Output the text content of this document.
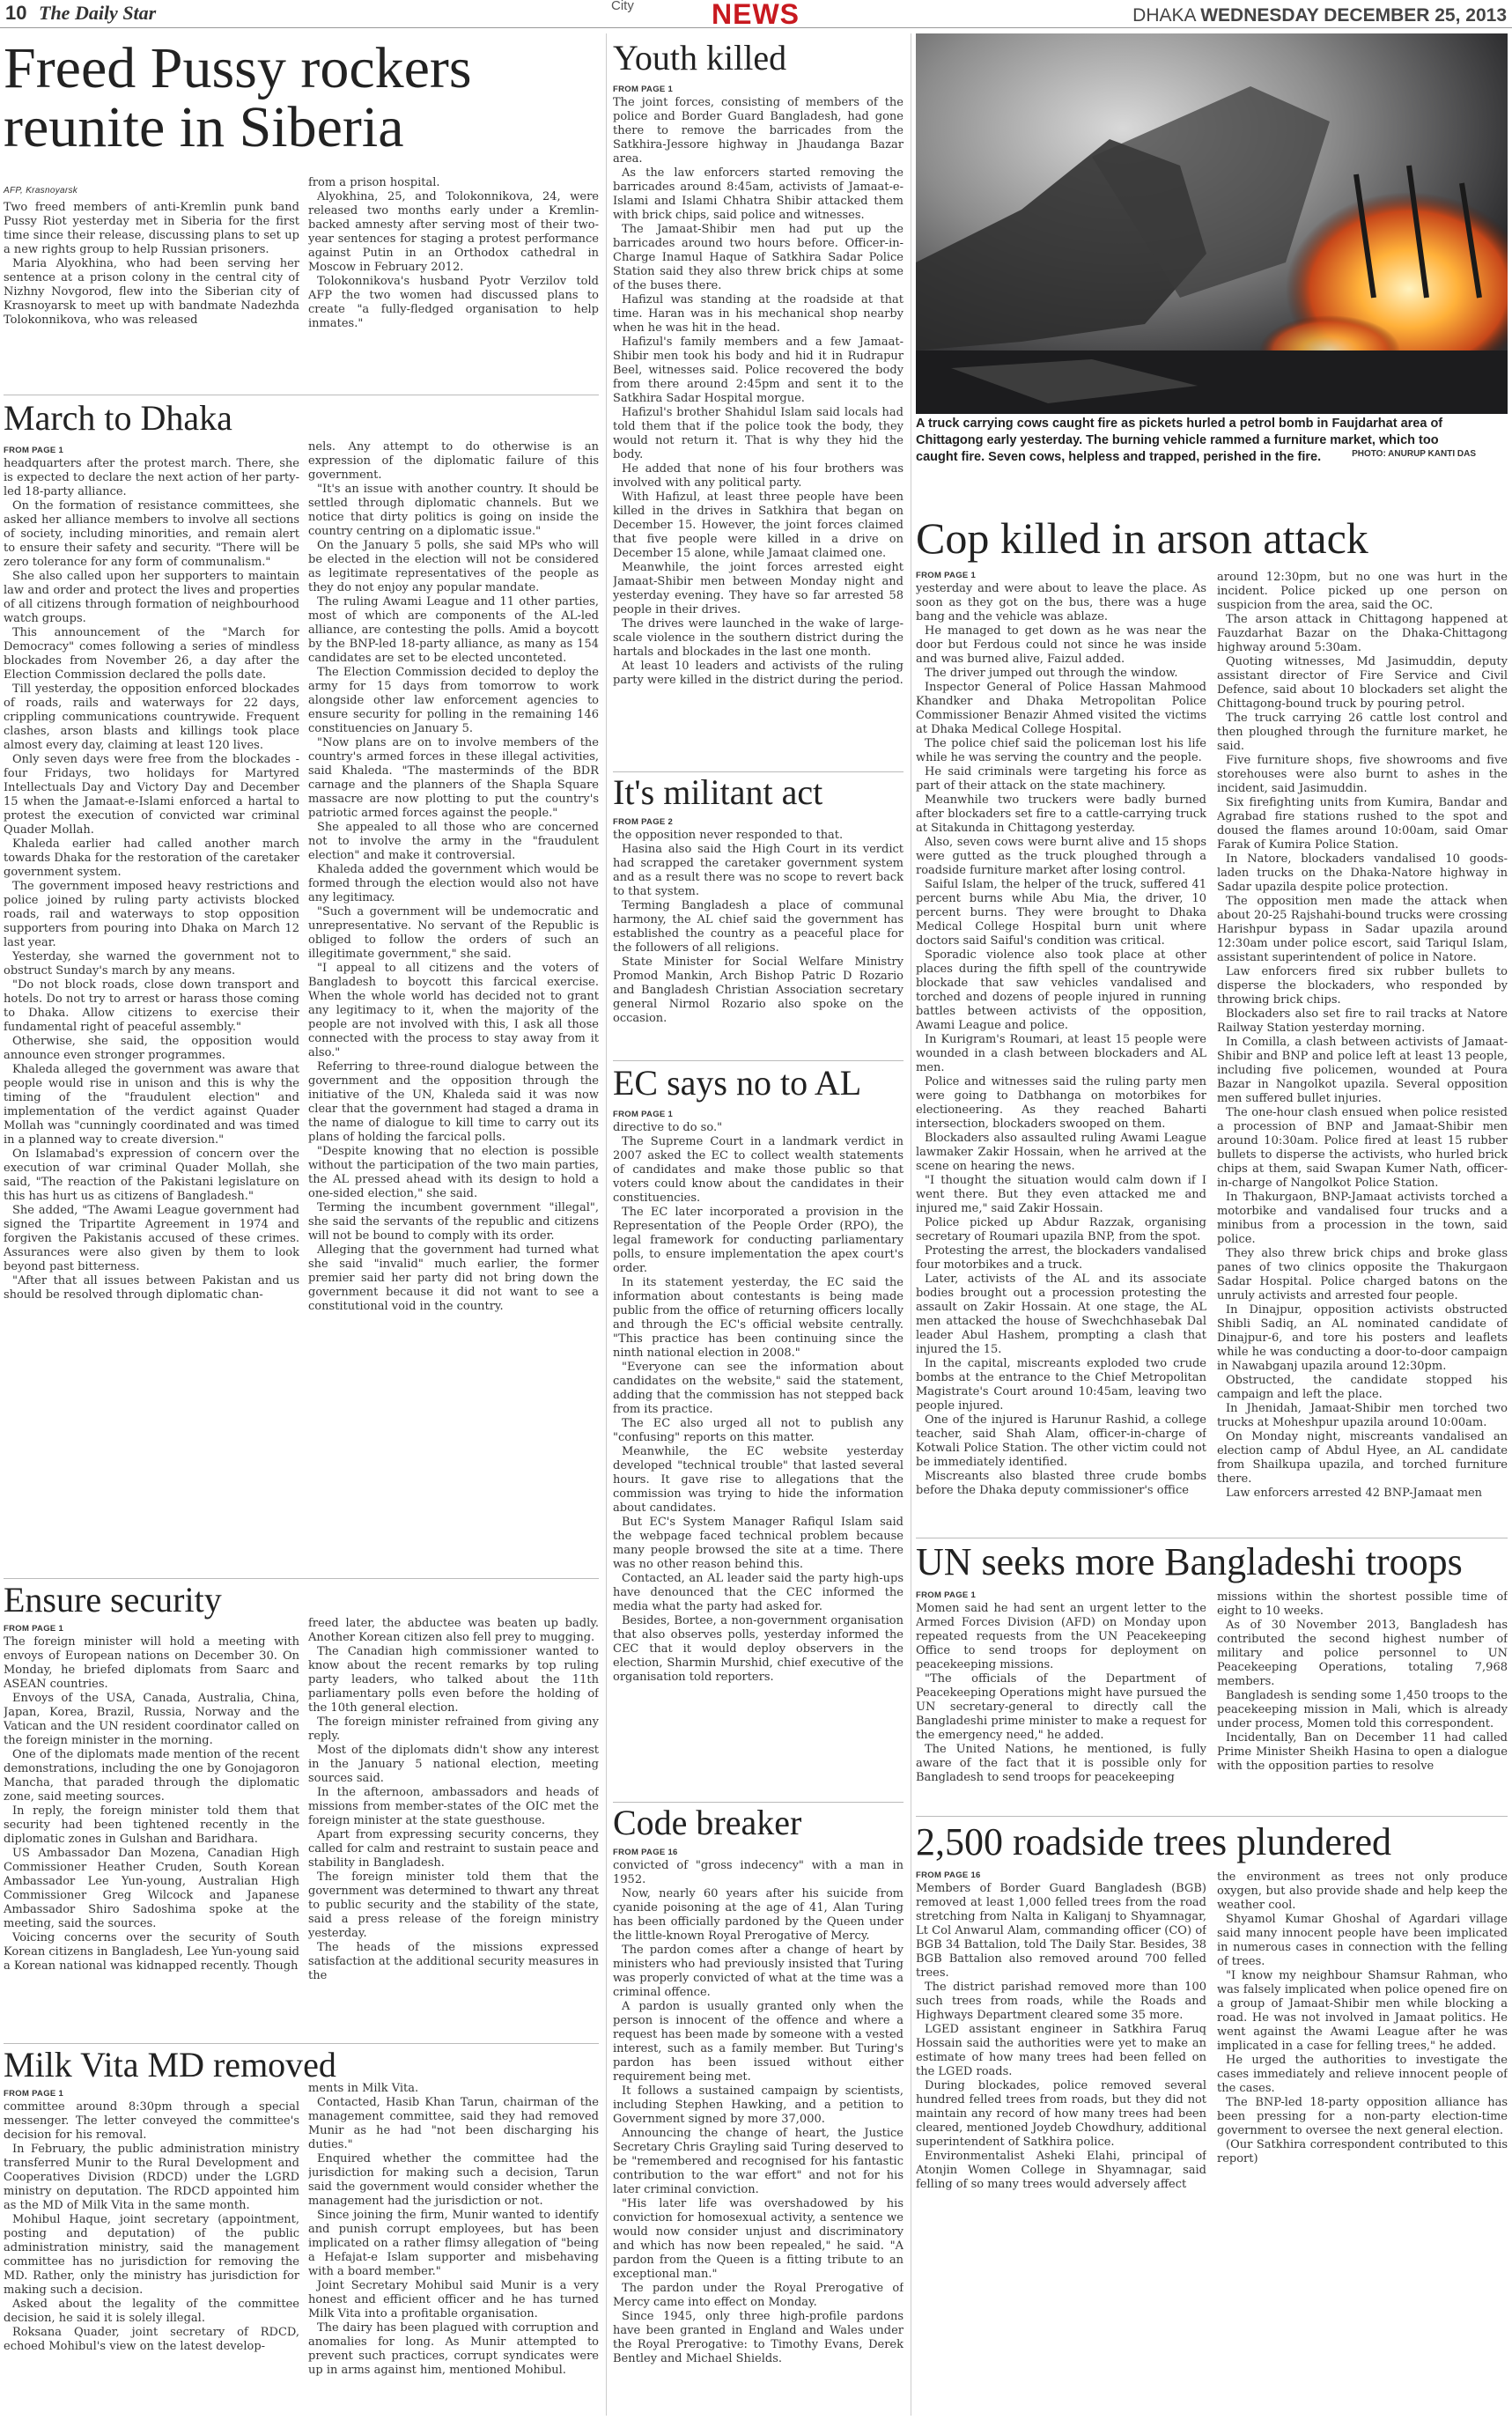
10 The Daily Star	City	NEWS	DHAKA WEDNESDAY DECEMBER 25, 2013
Freed Pussy rockers reunite in Siberia
AFP, Krasnoyarsk

Two freed members of anti-Kremlin punk band Pussy Riot yesterday met in Siberia for the first time since their release, discussing plans to set up a new rights group to help Russian prisoners.

Maria Alyokhina, who had been serving her sentence at a prison colony in the central city of Nizhny Novgorod, flew into the Siberian city of Krasnoyarsk to meet up with bandmate Nadezhda Tolokonnikova, who was released

from a prison hospital.

Alyokhina, 25, and Tolokonnikova, 24, were released two months early under a Kremlin-backed amnesty after serving most of their two-year sentences for staging a protest performance against Putin in an Orthodox cathedral in Moscow in February 2012.

Tolokonnikova's husband Pyotr Verzilov told AFP the two women had discussed plans to create "a fully-fledged organisation to help inmates."

March to Dhaka
FROM PAGE 1

headquarters after the protest march. There, she is expected to declare the next action of her party-led 18-party alliance.

On the formation of resistance committees, she asked her alliance members to involve all sections of society, including minorities, and remain alert to ensure their safety and security. "There will be zero tolerance for any form of communalism."

She also called upon her supporters to maintain law and order and protect the lives and properties of all citizens through formation of neighbourhood watch groups.

This announcement of the "March for Democracy" comes following a series of mindless blockades from November 26, a day after the Election Commission declared the polls date.

Till yesterday, the opposition enforced blockades of roads, rails and waterways for 22 days, crippling communications countrywide. Frequent clashes, arson blasts and killings took place almost every day, claiming at least 120 lives.

Only seven days were free from the blockades - four Fridays, two holidays for Martyred Intellectuals Day and Victory Day and December 15 when the Jamaat-e-Islami enforced a hartal to protest the execution of convicted war criminal Quader Mollah.

Khaleda earlier had called another march towards Dhaka for the restoration of the caretaker government system.

The government imposed heavy restrictions and police joined by ruling party activists blocked roads, rail and waterways to stop opposition supporters from pouring into Dhaka on March 12 last year.

Yesterday, she warned the government not to obstruct Sunday's march by any means.

"Do not block roads, close down transport and hotels. Do not try to arrest or harass those coming to Dhaka. Allow citizens to exercise their fundamental right of peaceful assembly."

Otherwise, she said, the opposition would announce even stronger programmes.

Khaleda alleged the government was aware that people would rise in unison and this is why the timing of the "fraudulent election" and implementation of the verdict against Quader Mollah was "cunningly coordinated and was timed in a planned way to create diversion."

On Islamabad's expression of concern over the execution of war criminal Quader Mollah, she said, "The reaction of the Pakistani legislature on this has hurt us as citizens of Bangladesh."

She added, "The Awami League government had signed the Tripartite Agreement in 1974 and forgiven the Pakistanis accused of these crimes. Assurances were also given by them to look beyond past bitterness.

"After that all issues between Pakistan and us should be resolved through diplomatic chan-

nels. Any attempt to do otherwise is an expression of the diplomatic failure of this government.

"It's an issue with another country. It should be settled through diplomatic channels. But we notice that dirty politics is going on inside the country centring on a diplomatic issue."

On the January 5 polls, she said MPs who will be elected in the election will not be considered as legitimate representatives of the people as they do not enjoy any popular mandate.

The ruling Awami League and 11 other parties, most of which are components of the AL-led alliance, are contesting the polls. Amid a boycott by the BNP-led 18-party alliance, as many as 154 candidates are set to be elected unconteted.

The Election Commission decided to deploy the army for 15 days from tomorrow to work alongside other law enforcement agencies to ensure security for polling in the remaining 146 constituencies on January 5.

"Now plans are on to involve members of the country's armed forces in these illegal activities, said Khaleda. "The masterminds of the BDR carnage and the planners of the Shapla Square massacre are now plotting to put the country's patriotic armed forces against the people."

She appealed to all those who are concerned not to involve the army in the "fraudulent election" and make it controversial.

Khaleda added the government which would be formed through the election would also not have any legitimacy.

"Such a government will be undemocratic and unrepresentative. No servant of the Republic is obliged to follow the orders of such an illegitimate government," she said.

"I appeal to all citizens and the voters of Bangladesh to boycott this farcical exercise. When the whole world has decided not to grant any legitimacy to it, when the majority of the people are not involved with this, I ask all those connected with the process to stay away from it also."

Referring to three-round dialogue between the government and the opposition through the initiative of the UN, Khaleda said it was now clear that the government had staged a drama in the name of dialogue to kill time to carry out its plans of holding the farcical polls.

"Despite knowing that no election is possible without the participation of the two main parties, the AL pressed ahead with its design to hold a one-sided election," she said.

Terming the incumbent government "illegal", she said the servants of the republic and citizens will not be bound to comply with its order.

Alleging that the government had turned what she said "invalid" much earlier, the former premier said her party did not bring down the government because it did not want to see a constitutional void in the country.

Ensure security
FROM PAGE 1

The foreign minister will hold a meeting with envoys of European nations on December 30. On Monday, he briefed diplomats from Saarc and ASEAN countries.

Envoys of the USA, Canada, Australia, China, Japan, Korea, Brazil, Russia, Norway and the Vatican and the UN resident coordinator called on the foreign minister in the morning.

One of the diplomats made mention of the recent demonstrations, including the one by Gonojagoron Mancha, that paraded through the diplomatic zone, said meeting sources.

In reply, the foreign minister told them that security had been tightened recently in the diplomatic zones in Gulshan and Baridhara.

US Ambassador Dan Mozena, Canadian High Commissioner Heather Cruden, South Korean Ambassador Lee Yun-young, Australian High Commissioner Greg Wilcock and Japanese Ambassador Shiro Sadoshima spoke at the meeting, said the sources.

Voicing concerns over the security of South Korean citizens in Bangladesh, Lee Yun-young said a Korean national was kidnapped recently. Though

freed later, the abductee was beaten up badly. Another Korean citizen also fell prey to mugging.

The Canadian high commissioner wanted to know about the recent remarks by top ruling party leaders, who talked about the 11th parliamentary polls even before the holding of the 10th general election.

The foreign minister refrained from giving any reply.

Most of the diplomats didn't show any interest in the January 5 national election, meeting sources said.

In the afternoon, ambassadors and heads of missions from member-states of the OIC met the foreign minister at the state guesthouse.

Apart from expressing security concerns, they called for calm and restraint to sustain peace and stability in Bangladesh.

The foreign minister told them that the government was determined to thwart any threat to public security and the stability of the state, said a press release of the foreign ministry yesterday.

The heads of the missions expressed satisfaction at the additional security measures in the

Milk Vita MD removed
FROM PAGE 1

committee around 8:30pm through a special messenger. The letter conveyed the committee's decision for his removal.

In February, the public administration ministry transferred Munir to the Rural Development and Cooperatives Division (RDCD) under the LGRD ministry on deputation. The RDCD appointed him as the MD of Milk Vita in the same month.

Mohibul Haque, joint secretary (appointment, posting and deputation) of the public administration ministry, said the management committee has no jurisdiction for removing the MD. Rather, only the ministry has jurisdiction for making such a decision.

Asked about the legality of the committee decision, he said it is solely illegal.

Roksana Quader, joint secretary of RDCD, echoed Mohibul's view on the latest develop-

ments in Milk Vita.

Contacted, Hasib Khan Tarun, chairman of the management committee, said they had removed Munir as he had "not been discharging his duties."

Enquired whether the committee had the jurisdiction for making such a decision, Tarun said the government would consider whether the management had the jurisdiction or not.

Since joining the firm, Munir wanted to identify and punish corrupt employees, but has been implicated on a rather flimsy allegation of "being a Hefajat-e Islam supporter and misbehaving with a board member."

Joint Secretary Mohibul said Munir is a very honest and efficient officer and he has turned Milk Vita into a profitable organisation.

The dairy has been plagued with corruption and anomalies for long. As Munir attempted to prevent such practices, corrupt syndicates were up in arms against him, mentioned Mohibul.

Youth killed
FROM PAGE 1

The joint forces, consisting of members of the police and Border Guard Bangladesh, had gone there to remove the barricades from the Satkhira-Jessore highway in Jhaudanga Bazar area.

As the law enforcers started removing the barricades around 8:45am, activists of Jamaat-e-Islami and Islami Chhatra Shibir attacked them with brick chips, said police and witnesses.

The Jamaat-Shibir men had put up the barricades around two hours before. Officer-in-Charge Inamul Haque of Satkhira Sadar Police Station said they also threw brick chips at some of the buses there.

Hafizul was standing at the roadside at that time. Haran was in his mechanical shop nearby when he was hit in the head.

Hafizul's family members and a few Jamaat-Shibir men took his body and hid it in Rudrapur Beel, witnesses said. Police recovered the body from there around 2:45pm and sent it to the Satkhira Sadar Hospital morgue.

Hafizul's brother Shahidul Islam said locals had told them that if the police took the body, they would not return it. That is why they hid the body.

He added that none of his four brothers was involved with any political party.

With Hafizul, at least three people have been killed in the drives in Satkhira that began on December 15. However, the joint forces claimed that five people were killed in a drive on December 15 alone, while Jamaat claimed one.

Meanwhile, the joint forces arrested eight Jamaat-Shibir men between Monday night and yesterday evening. They have so far arrested 58 people in their drives.

The drives were launched in the wake of large-scale violence in the southern district during the hartals and blockades in the last one month.

At least 10 leaders and activists of the ruling party were killed in the district during the period.

It's militant act
FROM PAGE 2

the opposition never responded to that.

Hasina also said the High Court in its verdict had scrapped the caretaker government system and as a result there was no scope to revert back to that system.

Terming Bangladesh a place of communal harmony, the AL chief said the government has established the country as a peaceful place for the followers of all religions.

State Minister for Social Welfare Ministry Promod Mankin, Arch Bishop Patric D Rozario and Bangladesh Christian Association secretary general Nirmol Rozario also spoke on the occasion.

EC says no to AL
FROM PAGE 1

directive to do so."

The Supreme Court in a landmark verdict in 2007 asked the EC to collect wealth statements of candidates and make those public so that voters could know about the candidates in their constituencies.

The EC later incorporated a provision in the Representation of the People Order (RPO), the legal framework for conducting parliamentary polls, to ensure implementation the apex court's order.

In its statement yesterday, the EC said the information about contestants is being made public from the office of returning officers locally and through the EC's official website centrally. "This practice has been continuing since the ninth national election in 2008."

"Everyone can see the information about candidates on the website," said the statement, adding that the commission has not stepped back from its practice.

The EC also urged all not to publish any "confusing" reports on this matter.

Meanwhile, the EC website yesterday developed "technical trouble" that lasted several hours. It gave rise to allegations that the commission was trying to hide the information about candidates.

But EC's System Manager Rafiqul Islam said the webpage faced technical problem because many people browsed the site at a time. There was no other reason behind this.

Contacted, an AL leader said the party high-ups have denounced that the CEC informed the media what the party had asked for.

Besides, Bortee, a non-government organisation that also observes polls, yesterday informed the CEC that it would deploy observers in the election, Sharmin Murshid, chief executive of the organisation told reporters.

Code breaker
FROM PAGE 16

convicted of "gross indecency" with a man in 1952.

Now, nearly 60 years after his suicide from cyanide poisoning at the age of 41, Alan Turing has been officially pardoned by the Queen under the little-known Royal Prerogative of Mercy.

The pardon comes after a change of heart by ministers who had previously insisted that Turing was properly convicted of what at the time was a criminal offence.

A pardon is usually granted only when the person is innocent of the offence and where a request has been made by someone with a vested interest, such as a family member. But Turing's pardon has been issued without either requirement being met.

It follows a sustained campaign by scientists, including Stephen Hawking, and a petition to Government signed by more 37,000.

Announcing the change of heart, the Justice Secretary Chris Grayling said Turing deserved to be "remembered and recognised for his fantastic contribution to the war effort" and not for his later criminal conviction.

"His later life was overshadowed by his conviction for homosexual activity, a sentence we would now consider unjust and discriminatory and which has now been repealed," he said. "A pardon from the Queen is a fitting tribute to an exceptional man."

The pardon under the Royal Prerogative of Mercy came into effect on Monday.

Since 1945, only three high-profile pardons have been granted in England and Wales under the Royal Prerogative: to Timothy Evans, Derek Bentley and Michael Shields.

A truck carrying cows caught fire as pickets hurled a petrol bomb in Faujdarhat area of Chittagong early yesterday. The burning vehicle rammed a furniture market, which too caught fire. Seven cows, helpless and trapped, perished in the fire.	PHOTO: ANURUP KANTI DAS
Cop killed in arson attack
FROM PAGE 1

yesterday and were about to leave the place. As soon as they got on the bus, there was a huge bang and the vehicle was ablaze.

He managed to get down as he was near the door but Ferdous could not since he was inside and was burned alive, Faizul added.

The driver jumped out through the window.

Inspector General of Police Hassan Mahmood Khandker and Dhaka Metropolitan Police Commissioner Benazir Ahmed visited the victims at Dhaka Medical College Hospital.

The police chief said the policeman lost his life while he was serving the country and the people.

He said criminals were targeting his force as part of their attack on the state machinery.

Meanwhile two truckers were badly burned after blockaders set fire to a cattle-carrying truck at Sitakunda in Chittagong yesterday.

Also, seven cows were burnt alive and 15 shops were gutted as the truck ploughed through a roadside furniture market after losing control.

Saiful Islam, the helper of the truck, suffered 41 percent burns while Abu Mia, the driver, 10 percent burns. They were brought to Dhaka Medical College Hospital burn unit where doctors said Saiful's condition was critical.

Sporadic violence also took place at other places during the fifth spell of the countrywide blockade that saw vehicles vandalised and torched and dozens of people injured in running battles between activists of the opposition, Awami League and police.

In Kurigram's Roumari, at least 15 people were wounded in a clash between blockaders and AL men.

Police and witnesses said the ruling party men were going to Datbhanga on motorbikes for electioneering. As they reached Baharti intersection, blockaders swooped on them.

Blockaders also assaulted ruling Awami League lawmaker Zakir Hossain, when he arrived at the scene on hearing the news.

"I thought the situation would calm down if I went there. But they even attacked me and injured me," said Zakir Hossain.

Police picked up Abdur Razzak, organising secretary of Roumari upazila BNP, from the spot.

Protesting the arrest, the blockaders vandalised four motorbikes and a truck.

Later, activists of the AL and its associate bodies brought out a procession protesting the assault on Zakir Hossain. At one stage, the AL men attacked the house of Swechchhasebak Dal leader Abul Hashem, prompting a clash that injured the 15.

In the capital, miscreants exploded two crude bombs at the entrance to the Chief Metropolitan Magistrate's Court around 10:45am, leaving two people injured.

One of the injured is Harunur Rashid, a college teacher, said Shah Alam, officer-in-charge of Kotwali Police Station. The other victim could not be immediately identified.

Miscreants also blasted three crude bombs before the Dhaka deputy commissioner's office

around 12:30pm, but no one was hurt in the incident. Police picked up one person on suspicion from the area, said the OC.

The arson attack in Chittagong happened at Fauzdarhat Bazar on the Dhaka-Chittagong highway around 5:30am.

Quoting witnesses, Md Jasimuddin, deputy assistant director of Fire Service and Civil Defence, said about 10 blockaders set alight the Chittagong-bound truck by pouring petrol.

The truck carrying 26 cattle lost control and then ploughed through the furniture market, he said.

Five furniture shops, five showrooms and five storehouses were also burnt to ashes in the incident, said Jasimuddin.

Six firefighting units from Kumira, Bandar and Agrabad fire stations rushed to the spot and doused the flames around 10:00am, said Omar Farak of Kumira Police Station.

In Natore, blockaders vandalised 10 goods-laden trucks on the Dhaka-Natore highway in Sadar upazila despite police protection.

The opposition men made the attack when about 20-25 Rajshahi-bound trucks were crossing Harishpur bypass in Sadar upazila around 12:30am under police escort, said Tariqul Islam, assistant superintendent of police in Natore.

Law enforcers fired six rubber bullets to disperse the blockaders, who responded by throwing brick chips.

Blockaders also set fire to rail tracks at Natore Railway Station yesterday morning.

In Comilla, a clash between activists of Jamaat-Shibir and BNP and police left at least 13 people, including five policemen, wounded at Poura Bazar in Nangolkot upazila. Several opposition men suffered bullet injuries.

The one-hour clash ensued when police resisted a procession of BNP and Jamaat-Shibir men around 10:30am. Police fired at least 15 rubber bullets to disperse the activists, who hurled brick chips at them, said Swapan Kumer Nath, officer-in-charge of Nangolkot Police Station.

In Thakurgaon, BNP-Jamaat activists torched a motorbike and vandalised four trucks and a minibus from a procession in the town, said police.

They also threw brick chips and broke glass panes of two clinics opposite the Thakurgaon Sadar Hospital. Police charged batons on the unruly activists and arrested four people.

In Dinajpur, opposition activists obstructed Shibli Sadiq, an AL nominated candidate of Dinajpur-6, and tore his posters and leaflets while he was conducting a door-to-door campaign in Nawabganj upazila around 12:30pm.

Obstructed, the candidate stopped his campaign and left the place.

In Jhenidah, Jamaat-Shibir men torched two trucks at Moheshpur upazila around 10:00am.

On Monday night, miscreants vandalised an election camp of Abdul Hyee, an AL candidate from Shailkupa upazila, and torched furniture there.

Law enforcers arrested 42 BNP-Jamaat men

UN seeks more Bangladeshi troops
FROM PAGE 1

Momen said he had sent an urgent letter to the Armed Forces Division (AFD) on Monday upon repeated requests from the UN Peacekeeping Office to send troops for deployment on peacekeeping missions.

"The officials of the Department of Peacekeeping Operations might have pursued the UN secretary-general to directly call the Bangladeshi prime minister to make a request for the emergency need," he added.

The United Nations, he mentioned, is fully aware of the fact that it is possible only for Bangladesh to send troops for peacekeeping

missions within the shortest possible time of eight to 10 weeks.

As of 30 November 2013, Bangladesh has contributed the second highest number of military and police personnel to UN Peacekeeping Operations, totaling 7,968 members.

Bangladesh is sending some 1,450 troops to the peacekeeping mission in Mali, which is already under process, Momen told this correspondent.

Incidentally, Ban on December 11 had called Prime Minister Sheikh Hasina to open a dialogue with the opposition parties to resolve

2,500 roadside trees plundered
FROM PAGE 16

Members of Border Guard Bangladesh (BGB) removed at least 1,000 felled trees from the road stretching from Nalta in Kaliganj to Shyamnagar, Lt Col Anwarul Alam, commanding officer (CO) of BGB 34 Battalion, told The Daily Star. Besides, 38 BGB Battalion also removed around 700 felled trees.

The district parishad removed more than 100 such trees from roads, while the Roads and Highways Department cleared some 35 more.

LGED assistant engineer in Satkhira Faruq Hossain said the authorities were yet to make an estimate of how many trees had been felled on the LGED roads.

During blockades, police removed several hundred felled trees from roads, but they did not maintain any record of how many trees had been cleared, mentioned Joydeb Chowdhury, additional superintendent of Satkhira police.

Environmentalist Asheki Elahi, principal of Atonjin Women College in Shyamnagar, said felling of so many trees would adversely affect

the environment as trees not only produce oxygen, but also provide shade and help keep the weather cool.

Shyamol Kumar Ghoshal of Agardari village said many innocent people have been implicated in numerous cases in connection with the felling of trees.

"I know my neighbour Shamsur Rahman, who was falsely implicated when police opened fire on a group of Jamaat-Shibir men while blocking a road. He was not involved in Jamaat politics. He went against the Awami League after he was implicated in a case for felling trees," he added.

He urged the authorities to investigate the cases immediately and relieve innocent people of the cases.

The BNP-led 18-party opposition alliance has been pressing for a non-party election-time government to oversee the next general election.

(Our Satkhira correspondent contributed to this report)
